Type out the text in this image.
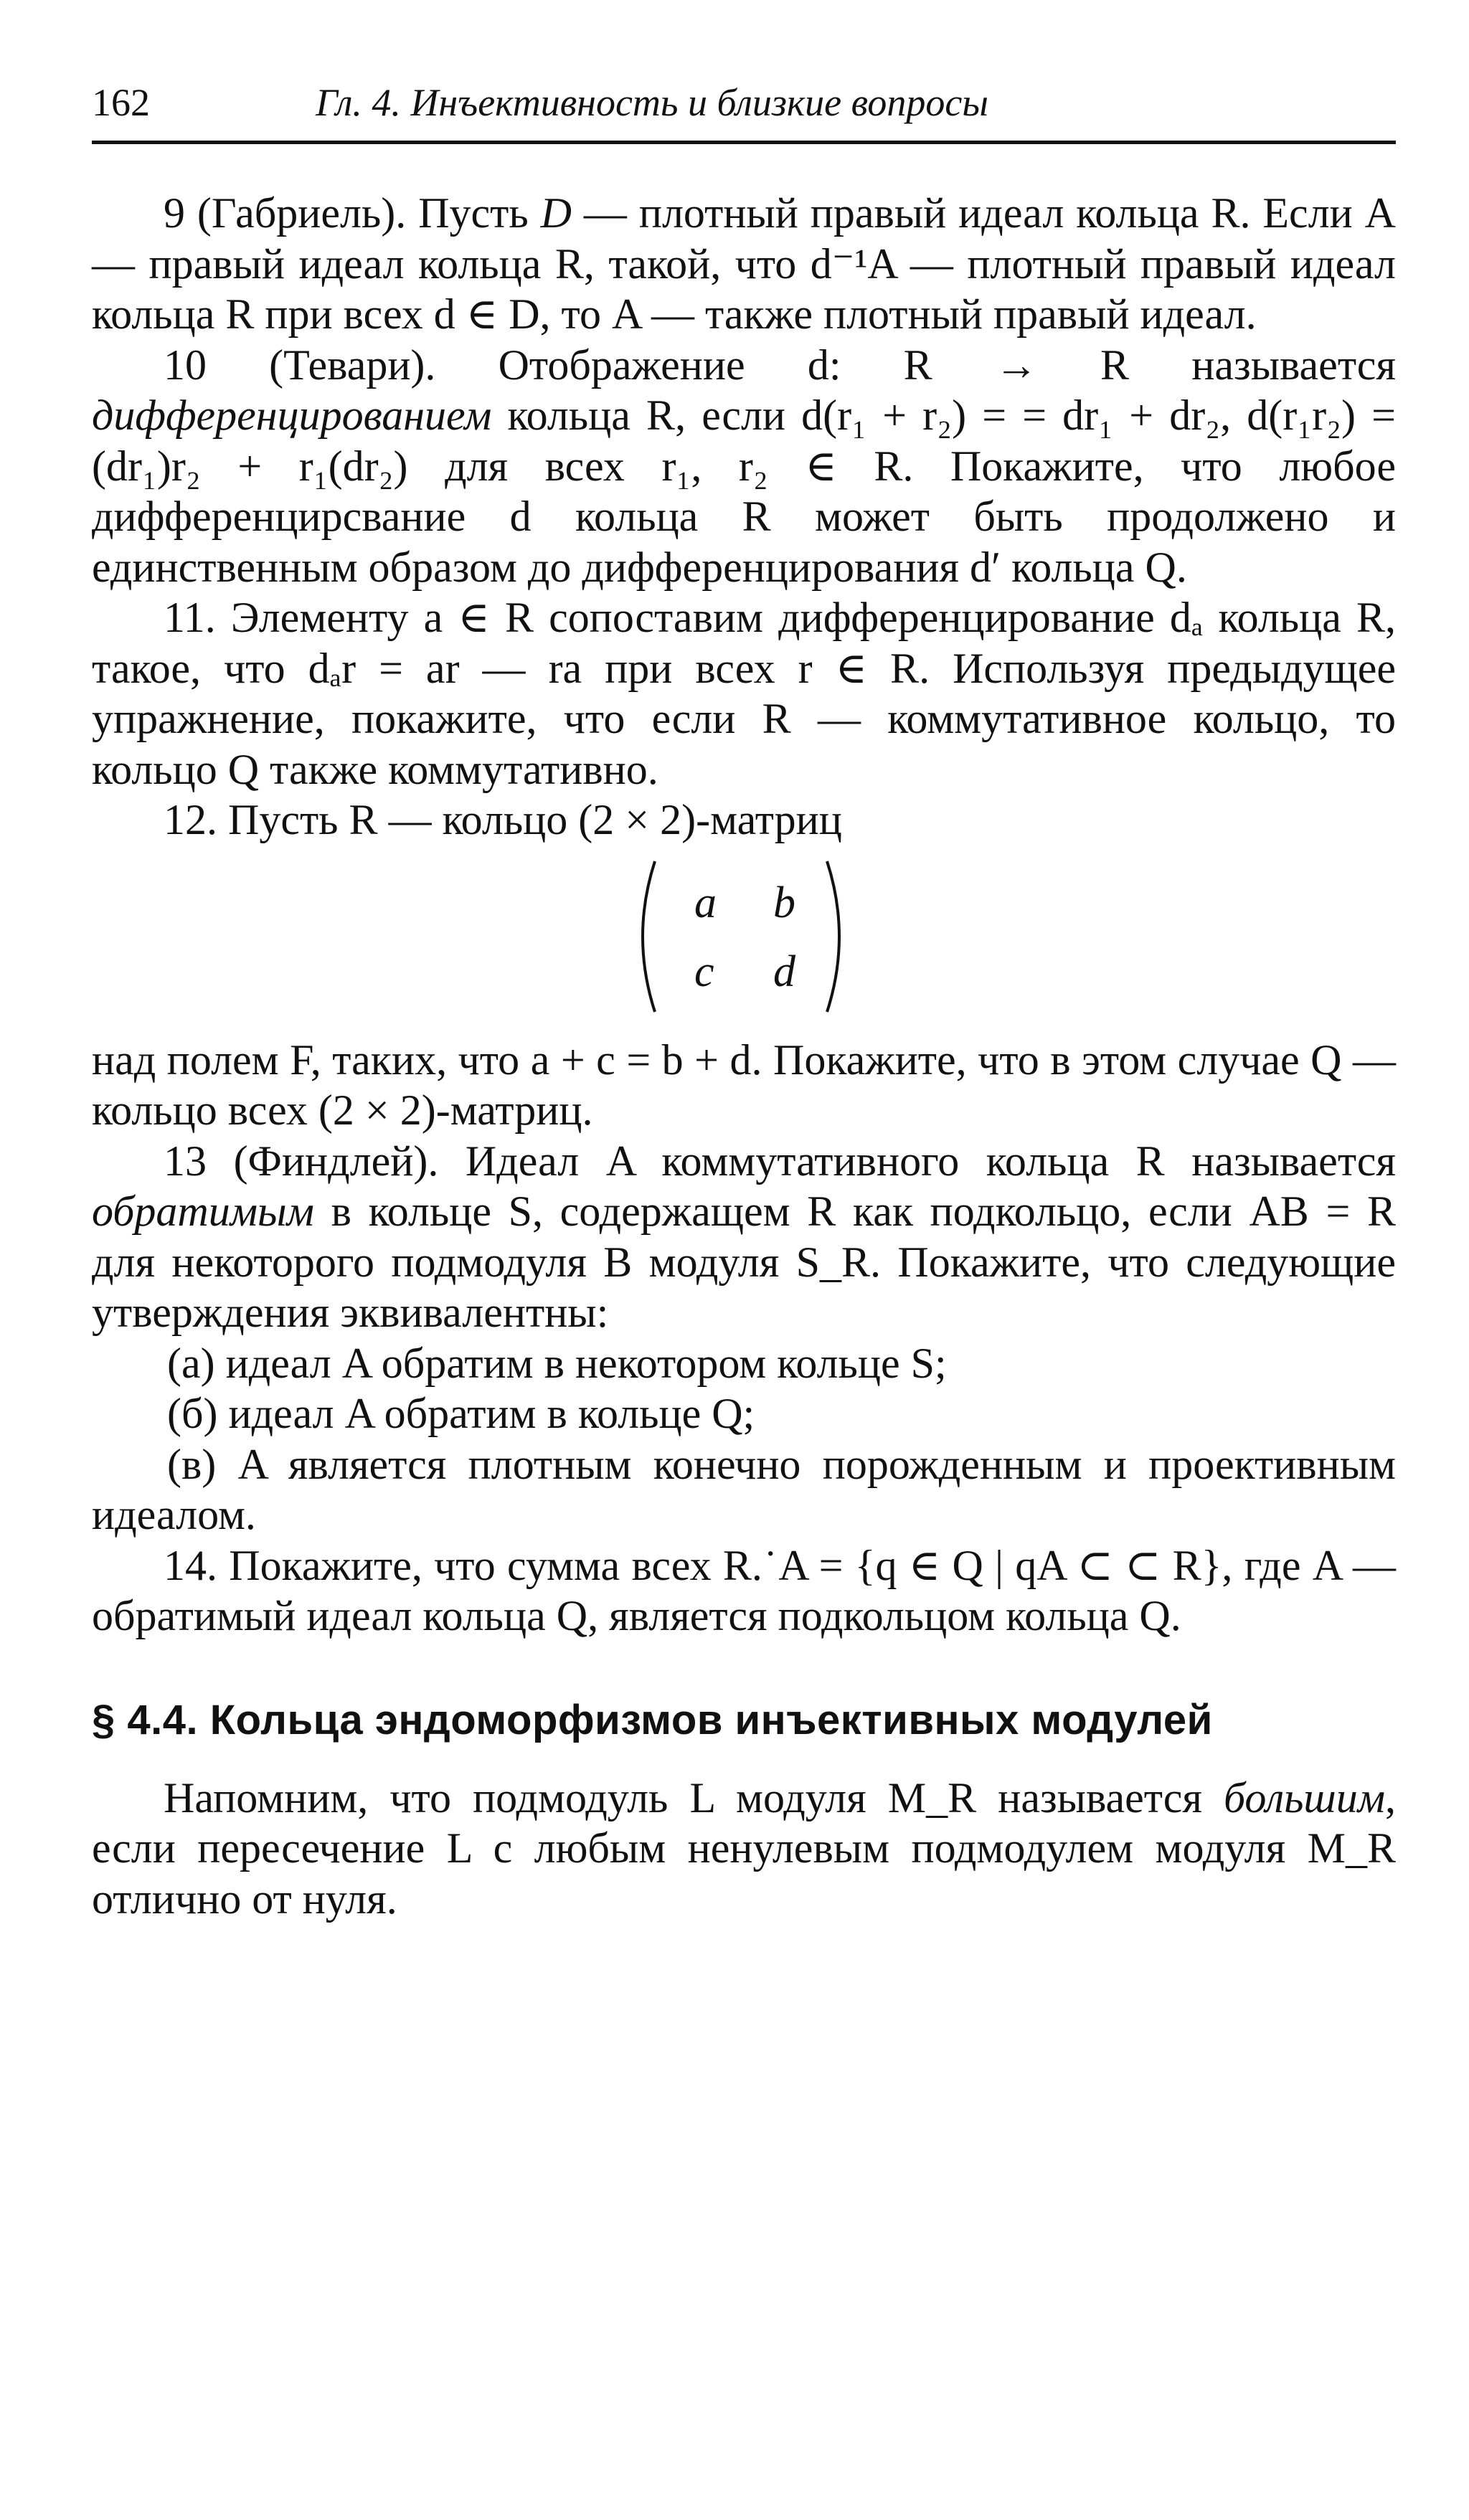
162	Гл. 4. Инъективность и близкие вопросы

9 (Габриель). Пусть D — плотный правый идеал кольца R. Если A — правый идеал кольца R, такой, что d⁻¹A — плотный правый идеал кольца R при всех d ∈ D, то A — также плотный правый идеал.

10 (Тевари). Отображение d: R → R называется дифференцированием кольца R, если d(r₁ + r₂) = = dr₁ + dr₂, d(r₁r₂) = (dr₁)r₂ + r₁(dr₂) для всех r₁, r₂ ∈ R. Покажите, что любое дифференцирсвание d кольца R может быть продолжено и единственным образом до дифференцирования d′ кольца Q.

11. Элементу a ∈ R сопоставим дифференцирование dₐ кольца R, такое, что dₐr = ar — ra при всех r ∈ R. Используя предыдущее упражнение, покажите, что если R — коммутативное кольцо, то кольцо Q также коммутативно.

12. Пусть R — кольцо (2 × 2)-матриц

a b
c d

над полем F, таких, что a + c = b + d. Покажите, что в этом случае Q —кольцо всех (2 × 2)-матриц.

13 (Финдлей). Идеал A коммутативного кольца R называется обратимым в кольце S, содержащем R как подкольцо, если AB = R для некоторого подмодуля B модуля S_R. Покажите, что следующие утверждения эквивалентны:

(а) идеал A обратим в некотором кольце S;

(б) идеал A обратим в кольце Q;

(в) A является плотным конечно порожденным и проективным идеалом.

14. Покажите, что сумма всех R.˙A = {q ∈ Q | qA ⊂ ⊂ R}, где A — обратимый идеал кольца Q, является подкольцом кольца Q.

§ 4.4. Кольца эндоморфизмов инъективных модулей

Напомним, что подмодуль L модуля M_R называется большим, если пересечение L с любым ненулевым подмодулем модуля M_R отлично от нуля.
